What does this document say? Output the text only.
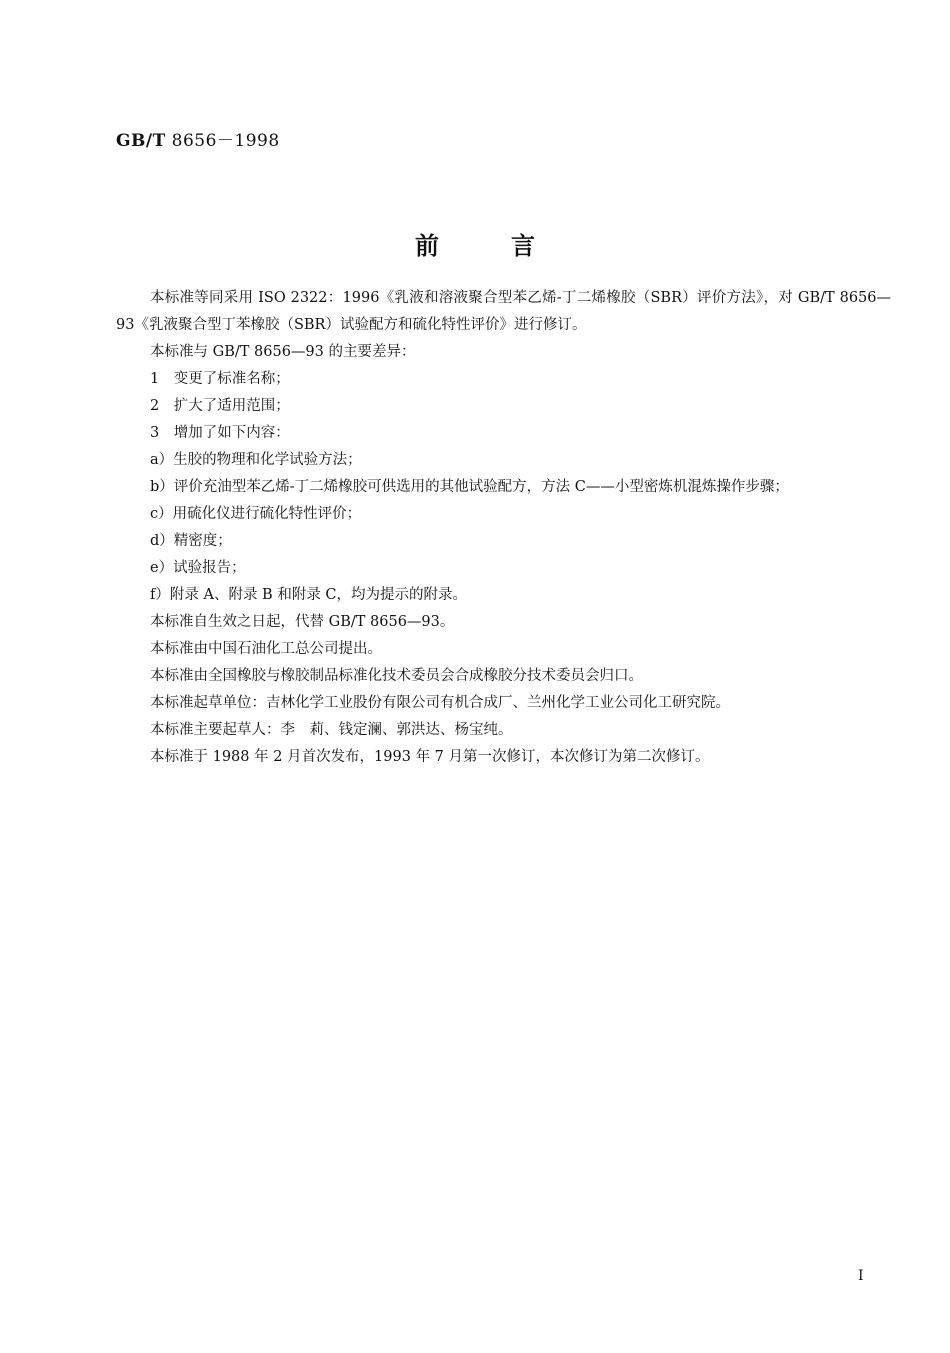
GB/T 8656－1998
前言
本标准等同采用 ISO 2322：1996《乳液和溶液聚合型苯乙烯-丁二烯橡胶（SBR）评价方法》，对 GB/T 8656—93《乳液聚合型丁苯橡胶（SBR）试验配方和硫化特性评价》进行修订。
本标准与 GB/T 8656—93 的主要差异：
1　变更了标准名称；
2　扩大了适用范围；
3　增加了如下内容：
a）生胶的物理和化学试验方法；
b）评价充油型苯乙烯-丁二烯橡胶可供选用的其他试验配方，方法 C——小型密炼机混炼操作步骤；
c）用硫化仪进行硫化特性评价；
d）精密度；
e）试验报告；
f）附录 A、附录 B 和附录 C，均为提示的附录。
本标准自生效之日起，代替 GB/T 8656—93。
本标准由中国石油化工总公司提出。
本标准由全国橡胶与橡胶制品标准化技术委员会合成橡胶分技术委员会归口。
本标准起草单位：吉林化学工业股份有限公司有机合成厂、兰州化学工业公司化工研究院。
本标准主要起草人：李　莉、钱定澜、郭洪达、杨宝纯。
本标准于 1988 年 2 月首次发布，1993 年 7 月第一次修订，本次修订为第二次修订。
I
